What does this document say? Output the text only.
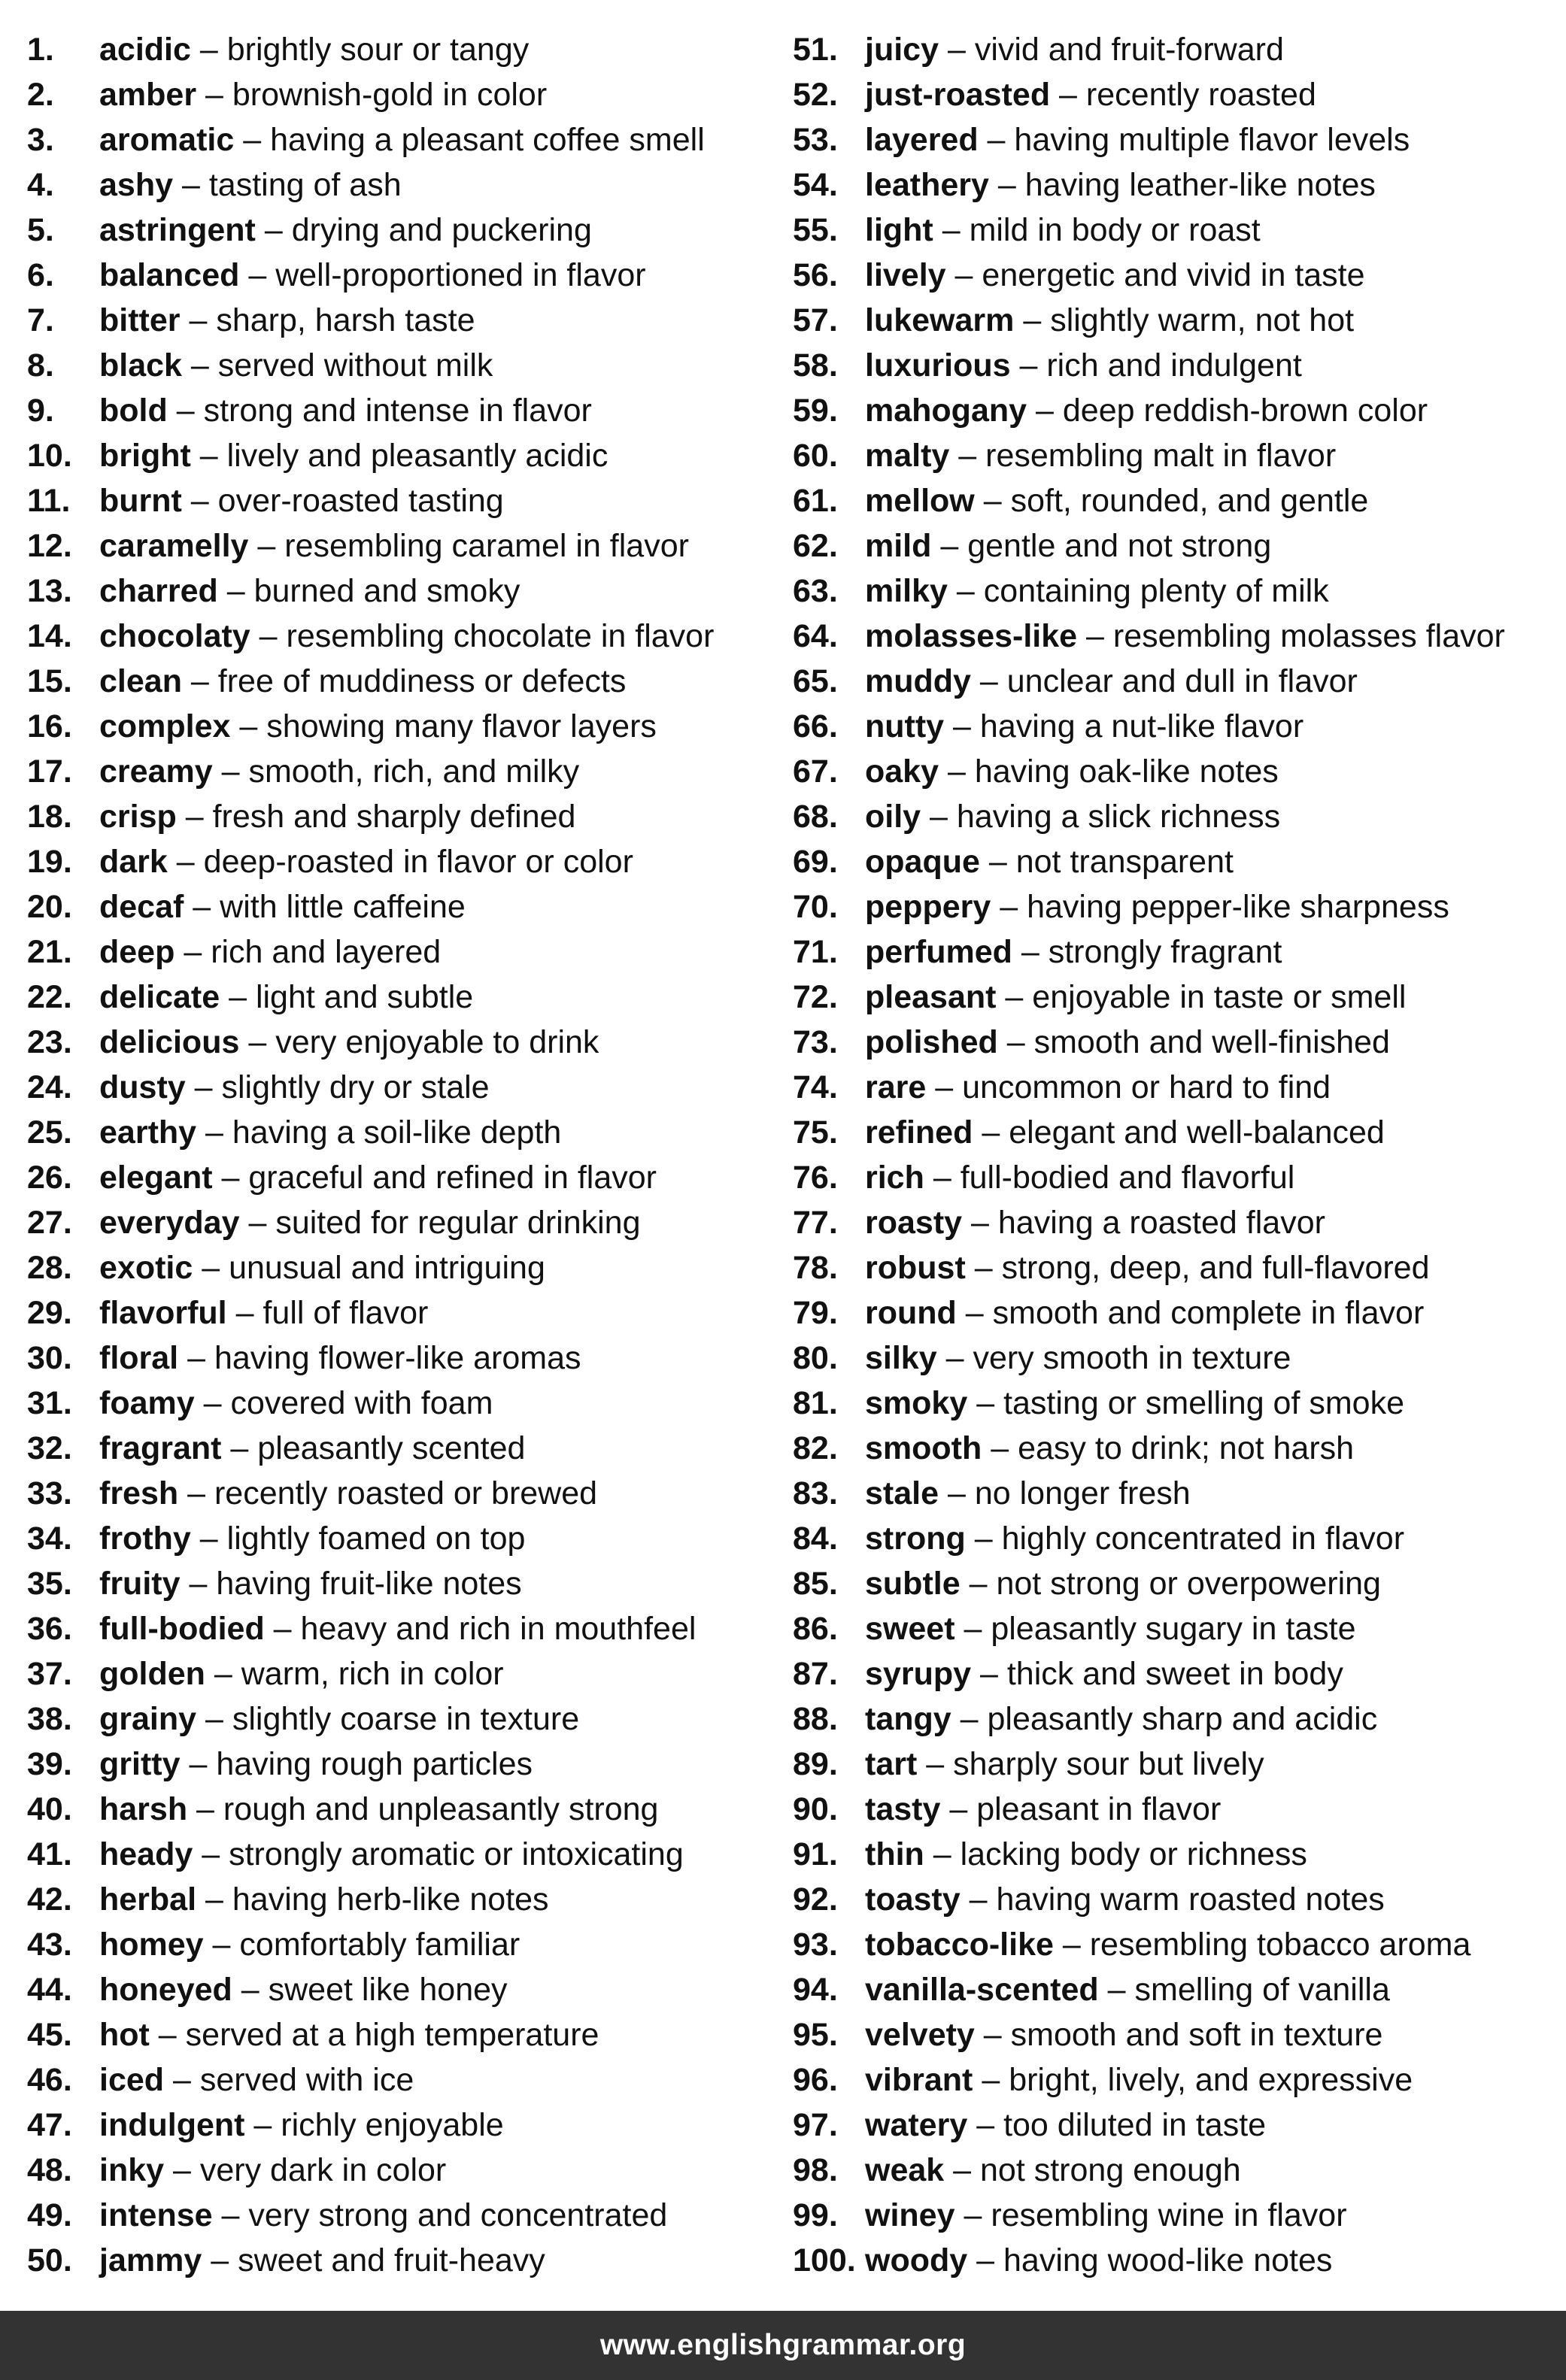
1.	acidic – brightly sour or tangy
2.	amber – brownish-gold in color
3.	aromatic – having a pleasant coffee smell
4.	ashy – tasting of ash
5.	astringent – drying and puckering
6.	balanced – well-proportioned in flavor
7.	bitter – sharp, harsh taste
8.	black – served without milk
9.	bold – strong and intense in flavor
10. bright – lively and pleasantly acidic
11. burnt – over-roasted tasting
12. caramelly – resembling caramel in flavor
13. charred – burned and smoky
14. chocolaty – resembling chocolate in flavor
15. clean – free of muddiness or defects
16. complex – showing many flavor layers
17. creamy – smooth, rich, and milky
18. crisp – fresh and sharply defined
19. dark – deep-roasted in flavor or color
20. decaf – with little caffeine
21. deep – rich and layered
22. delicate – light and subtle
23. delicious – very enjoyable to drink
24. dusty – slightly dry or stale
25. earthy – having a soil-like depth
26. elegant – graceful and refined in flavor
27. everyday – suited for regular drinking
28. exotic – unusual and intriguing
29. flavorful – full of flavor
30. floral – having flower-like aromas
31. foamy – covered with foam
32. fragrant – pleasantly scented
33. fresh – recently roasted or brewed
34. frothy – lightly foamed on top
35. fruity – having fruit-like notes
36. full-bodied – heavy and rich in mouthfeel
37. golden – warm, rich in color
38. grainy – slightly coarse in texture
39. gritty – having rough particles
40. harsh – rough and unpleasantly strong
41. heady – strongly aromatic or intoxicating
42. herbal – having herb-like notes
43. homey – comfortably familiar
44. honeyed – sweet like honey
45. hot – served at a high temperature
46. iced – served with ice
47. indulgent – richly enjoyable
48. inky – very dark in color
49. intense – very strong and concentrated
50. jammy – sweet and fruit-heavy
51. juicy – vivid and fruit-forward
52. just-roasted – recently roasted
53. layered – having multiple flavor levels
54. leathery – having leather-like notes
55. light – mild in body or roast
56. lively – energetic and vivid in taste
57. lukewarm – slightly warm, not hot
58. luxurious – rich and indulgent
59. mahogany – deep reddish-brown color
60. malty – resembling malt in flavor
61. mellow – soft, rounded, and gentle
62. mild – gentle and not strong
63. milky – containing plenty of milk
64. molasses-like – resembling molasses flavor
65. muddy – unclear and dull in flavor
66. nutty – having a nut-like flavor
67. oaky – having oak-like notes
68. oily – having a slick richness
69. opaque – not transparent
70. peppery – having pepper-like sharpness
71. perfumed – strongly fragrant
72. pleasant – enjoyable in taste or smell
73. polished – smooth and well-finished
74. rare – uncommon or hard to find
75. refined – elegant and well-balanced
76. rich – full-bodied and flavorful
77. roasty – having a roasted flavor
78. robust – strong, deep, and full-flavored
79. round – smooth and complete in flavor
80. silky – very smooth in texture
81. smoky – tasting or smelling of smoke
82. smooth – easy to drink; not harsh
83. stale – no longer fresh
84. strong – highly concentrated in flavor
85. subtle – not strong or overpowering
86. sweet – pleasantly sugary in taste
87. syrupy – thick and sweet in body
88. tangy – pleasantly sharp and acidic
89. tart – sharply sour but lively
90. tasty – pleasant in flavor
91. thin – lacking body or richness
92. toasty – having warm roasted notes
93. tobacco-like – resembling tobacco aroma
94. vanilla-scented – smelling of vanilla
95. velvety – smooth and soft in texture
96. vibrant – bright, lively, and expressive
97. watery – too diluted in taste
98. weak – not strong enough
99. winey – resembling wine in flavor
100. woody – having wood-like notes
www.englishgrammar.org
